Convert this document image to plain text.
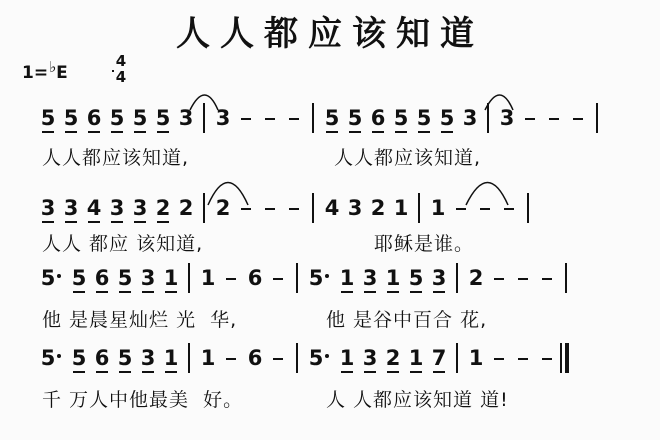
人人都应该知道
1=♭E
4
4
5 5 6 5 5 5 3 3	5 5 6 5 5 5 3 3
人人都应该知道,	人人都应该知道,
3 3 4 3 3 2 2 2	4 3 2 1 1
人人 都应 该知道,	耶稣是谁。
5 5 6 5 3 1 1 6 5 1 3 1 5 3 2
他 是晨星灿烂 光  华,	他 是谷中百合 花,
5 5 6 5 3 1 1 6 5 1 3 2 1 7 1
千 万人中他最美  好。	人 人都应该知道 道!
